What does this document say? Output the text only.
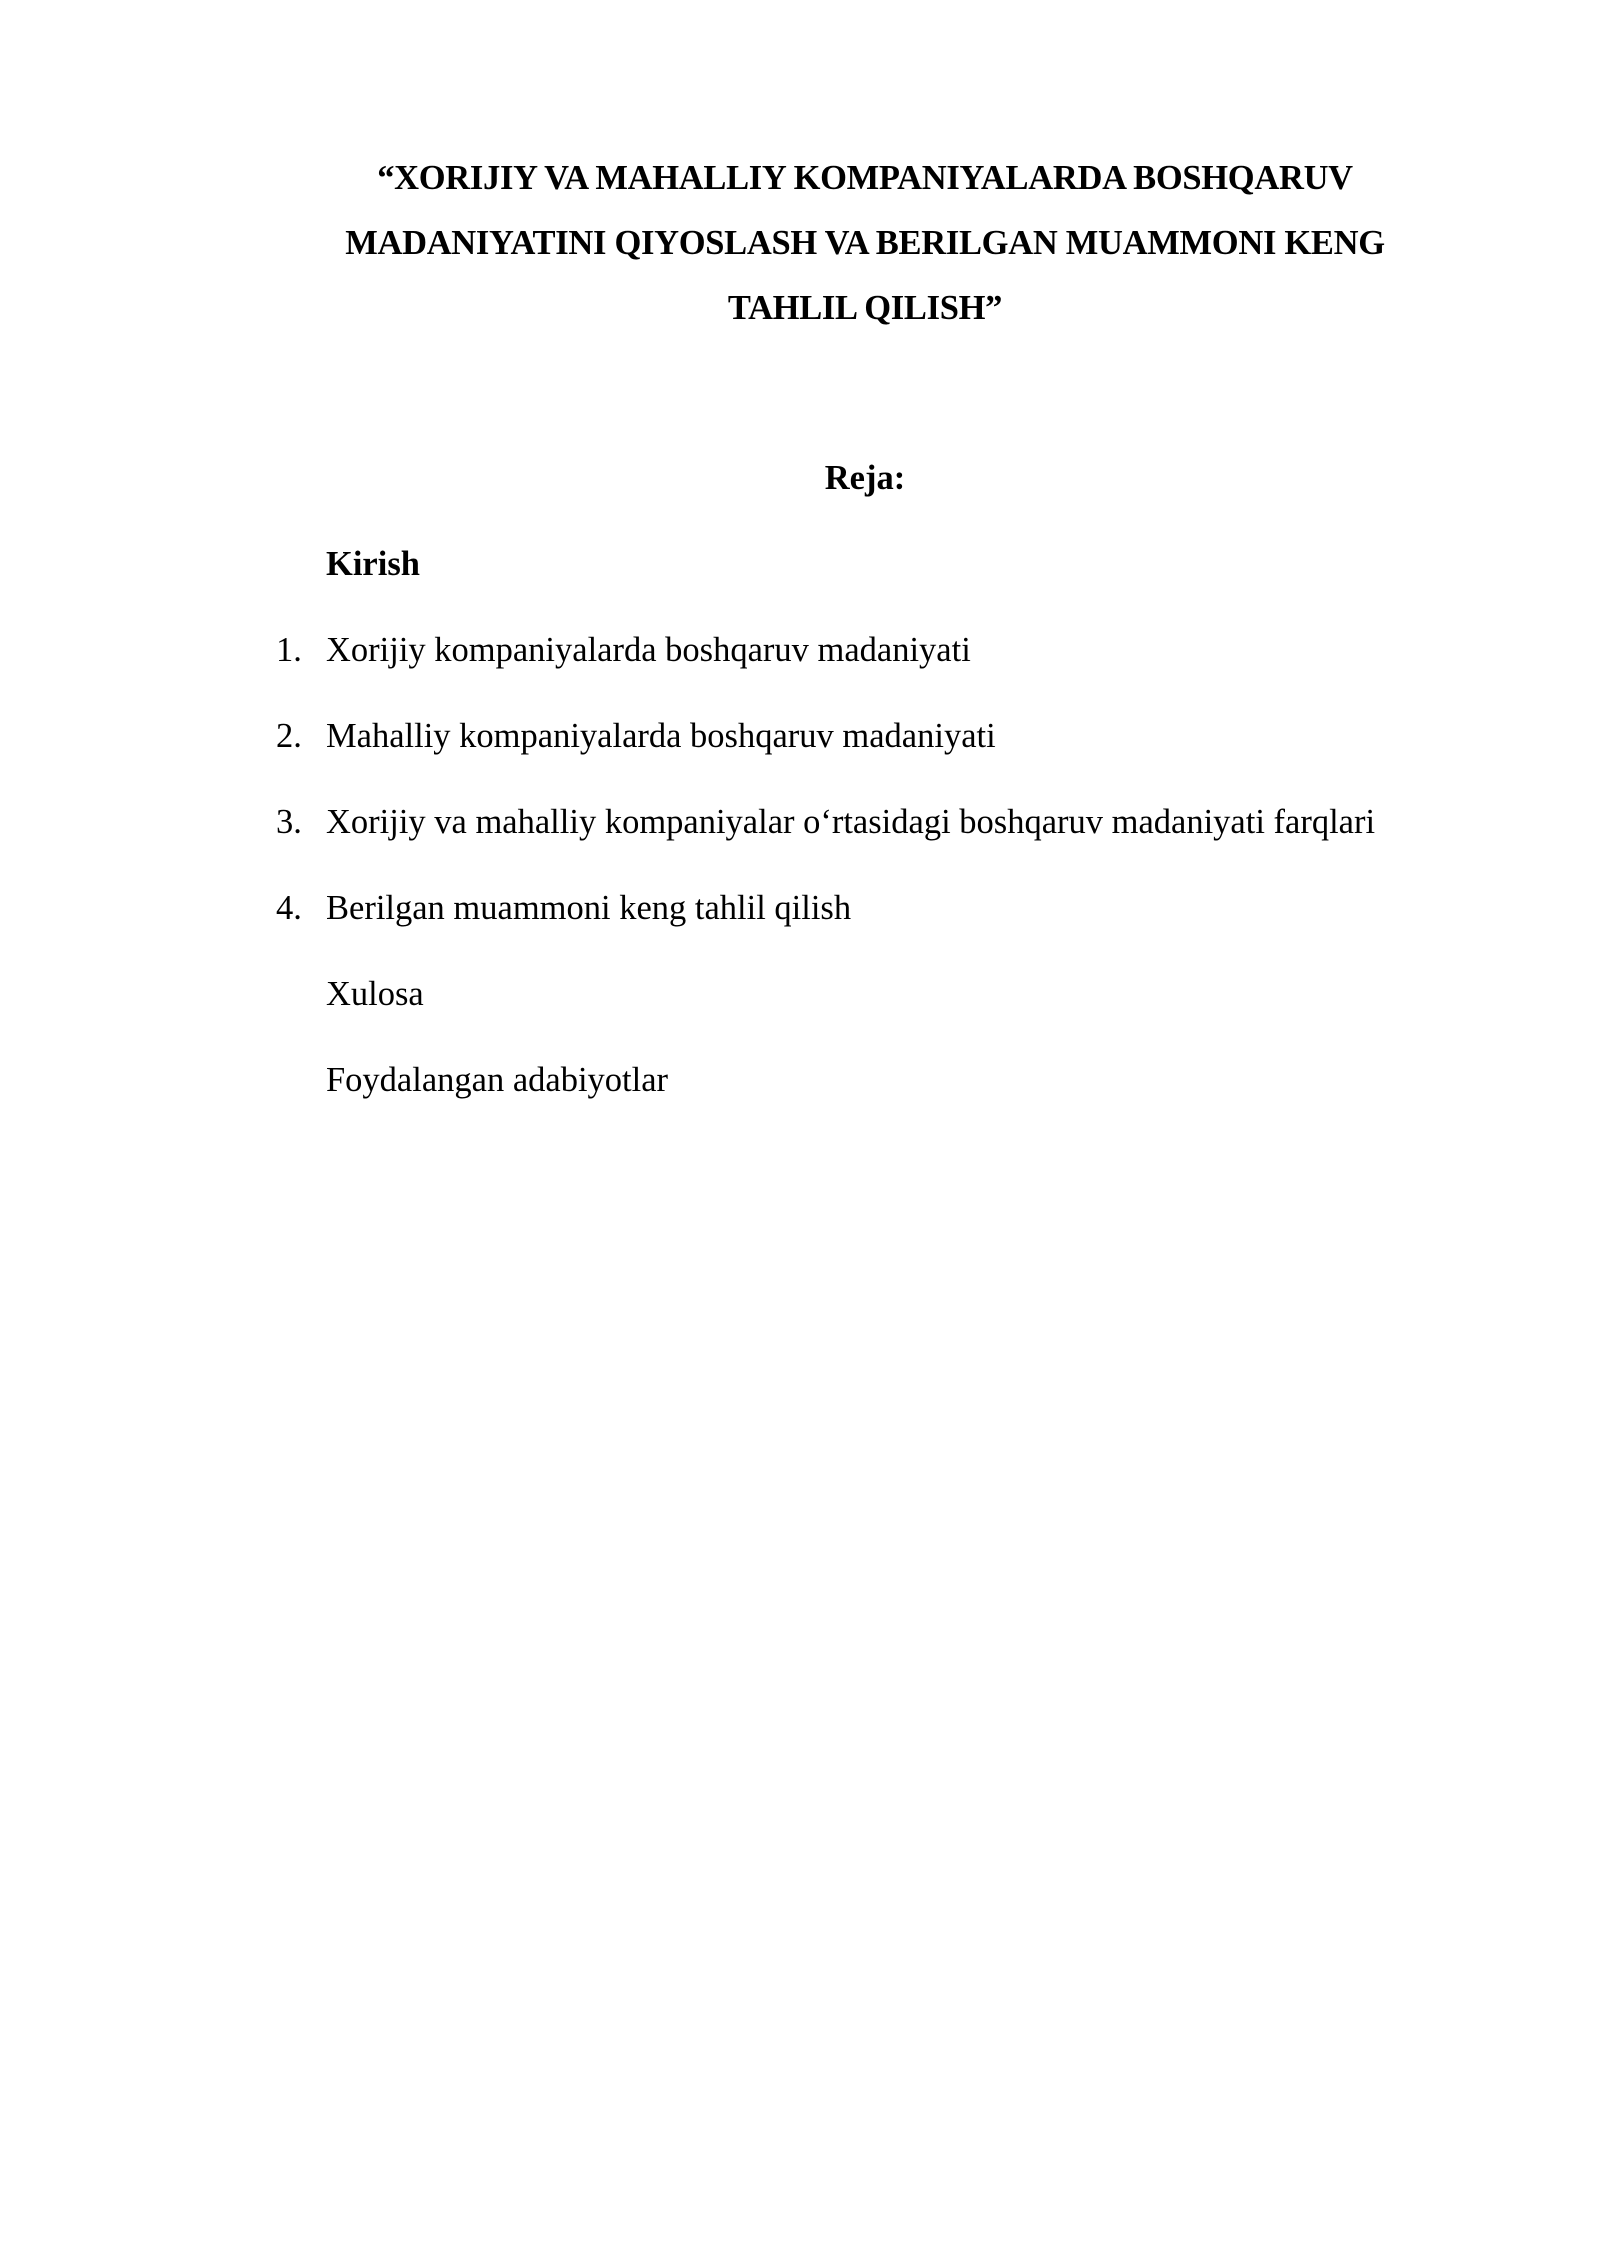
“XORIJIY VA MAHALLIY KOMPANIYALARDA BOSHQARUV
MADANIYATINI QIYOSLASH VA BERILGAN MUAMMONI KENG
TAHLIL QILISH”
Reja:
Kirish
1. Xorijiy kompaniyalarda boshqaruv madaniyati
2. Mahalliy kompaniyalarda boshqaruv madaniyati
3. Xorijiy va mahalliy kompaniyalar o‘rtasidagi boshqaruv madaniyati farqlari
4. Berilgan muammoni keng tahlil qilish
Xulosa
Foydalangan adabiyotlar
